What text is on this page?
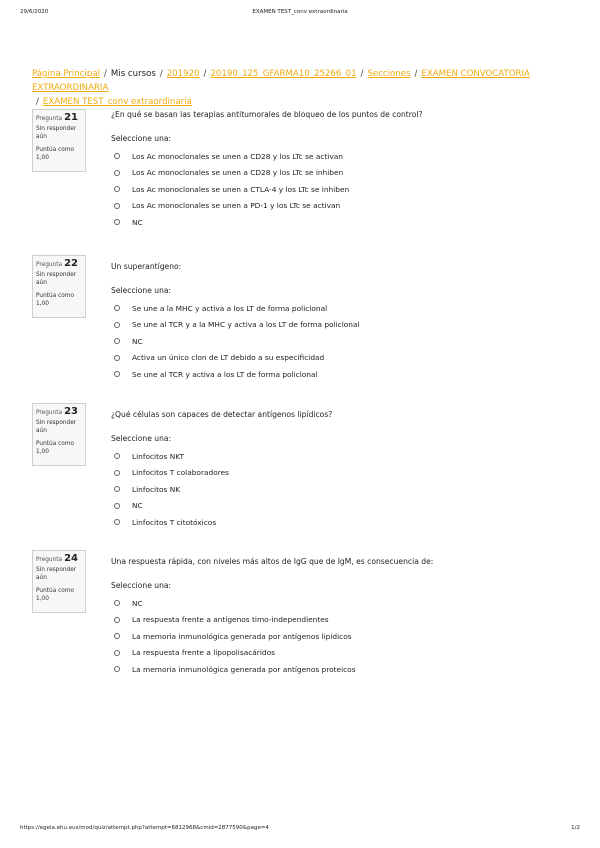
29/6/2020	EXAMEN TEST_conv extraordinaria
Página Principal / Mis cursos / 201920 / 20190_125_GFARMA10_25266_01 / Secciones / EXAMEN CONVOCATORIA EXTRAORDINARIA
/ EXAMEN TEST_conv extraordinaria
Pregunta 21
Sin responder aún
Puntúa como 1,00
¿En qué se basan las terapias antitumorales de bloqueo de los puntos de control?
Seleccione una:
Los Ac monoclonales se unen a CD28 y los LTc se activan
Los Ac monoclonales se unen a CD28 y los LTc se inhiben
Los Ac monoclonales se unen a CTLA-4 y los LTc se inhiben
Los Ac monoclonales se unen a PD-1 y los LTc se activan
NC
Pregunta 22
Sin responder aún
Puntúa como 1,00
Un superantígeno:
Seleccione una:
Se une a la MHC y activa a los LT de forma policlonal
Se une al TCR y a la MHC y activa a los LT de forma policlonal
NC
Activa un único clon de LT debido a su especificidad
Se une al TCR y activa a los LT de forma policlonal
Pregunta 23
Sin responder aún
Puntúa como 1,00
¿Qué células son capaces de detectar antígenos lipídicos?
Seleccione una:
Linfocitos NKT
Linfocitos T colaboradores
Linfocitos NK
NC
Linfocitos T citotóxicos
Pregunta 24
Sin responder aún
Puntúa como 1,00
Una respuesta rápida, con niveles más altos de IgG que de IgM, es consecuencia de:
Seleccione una:
NC
La respuesta frente a antígenos timo-independientes
La memoria inmunológica generada por antígenos lipídicos
La respuesta frente a lipopolisacáridos
La memoria inmunológica generada por antígenos proteicos
https://egela.ehu.eus/mod/quiz/attempt.php?attempt=6812968&cmid=2877590&page=4	1/2
